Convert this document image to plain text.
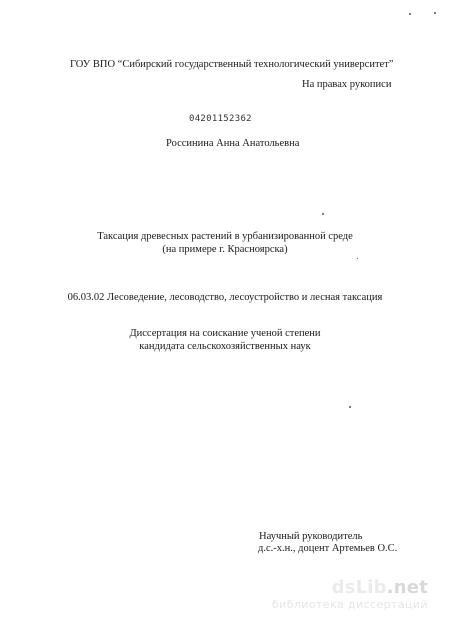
ГОУ ВПО “Сибирский государственный технологический университет”
На правах рукописи
04201152362
Россинина Анна Анатольевна
Таксация древесных растений в урбанизированной среде
(на примере г. Красноярска)
06.03.02 Лесоведение, лесоводство, лесоустройство и лесная таксация
Диссертация на соискание ученой степени
кандидата сельскохозяйственных наук
Научный руководитель
д.с.-х.н., доцент Артемьев О.С.
dsLib.net
библиотека диссертаций
